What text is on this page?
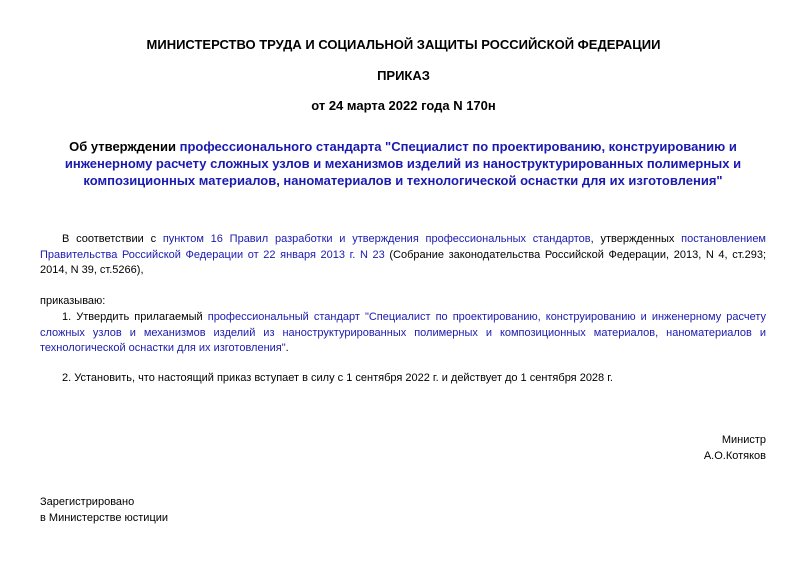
МИНИСТЕРСТВО ТРУДА И СОЦИАЛЬНОЙ ЗАЩИТЫ РОССИЙСКОЙ ФЕДЕРАЦИИ

ПРИКАЗ

от 24 марта 2022 года N 170н

Об утверждении профессионального стандарта "Специалист по проектированию, конструированию и инженерному расчету сложных узлов и механизмов изделий из наноструктурированных полимерных и композиционных материалов, наноматериалов и технологической оснастки для их изготовления"

В соответствии с пунктом 16 Правил разработки и утверждения профессиональных стандартов, утвержденных постановлением Правительства Российской Федерации от 22 января 2013 г. N 23 (Собрание законодательства Российской Федерации, 2013, N 4, ст.293; 2014, N 39, ст.5266),

приказываю:

1. Утвердить прилагаемый профессиональный стандарт "Специалист по проектированию, конструированию и инженерному расчету сложных узлов и механизмов изделий из наноструктурированных полимерных и композиционных материалов, наноматериалов и технологической оснастки для их изготовления".

2. Установить, что настоящий приказ вступает в силу с 1 сентября 2022 г. и действует до 1 сентября 2028 г.

Министр

А.О.Котяков

Зарегистрировано

в Министерстве юстиции
